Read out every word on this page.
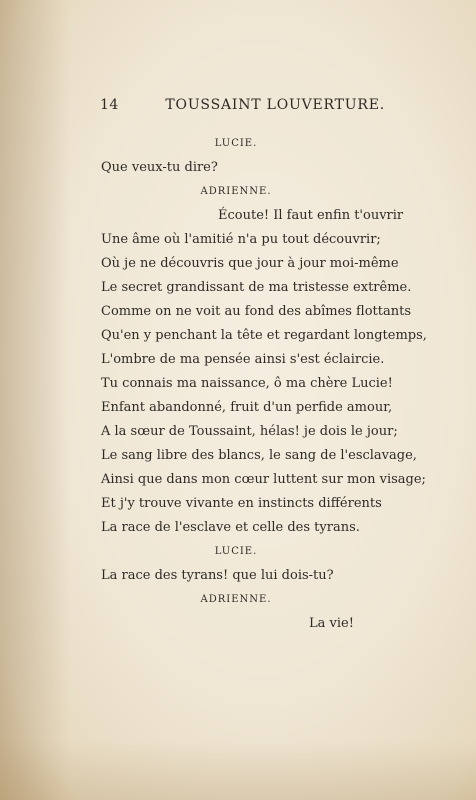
14	TOUSSAINT LOUVERTURE.
LUCIE.
Que veux-tu dire?
ADRIENNE.
Écoute! Il faut enfin t'ouvrir
Une âme où l'amitié n'a pu tout découvrir;
Où je ne découvris que jour à jour moi-même
Le secret grandissant de ma tristesse extrême.
Comme on ne voit au fond des abîmes flottants
Qu'en y penchant la tête et regardant longtemps,
L'ombre de ma pensée ainsi s'est éclaircie.
Tu connais ma naissance, ô ma chère Lucie!
Enfant abandonné, fruit d'un perfide amour,
A la sœur de Toussaint, hélas! je dois le jour;
Le sang libre des blancs, le sang de l'esclavage,
Ainsi que dans mon cœur luttent sur mon visage;
Et j'y trouve vivante en instincts différents
La race de l'esclave et celle des tyrans.
LUCIE.
La race des tyrans! que lui dois-tu?
ADRIENNE.
La vie!
